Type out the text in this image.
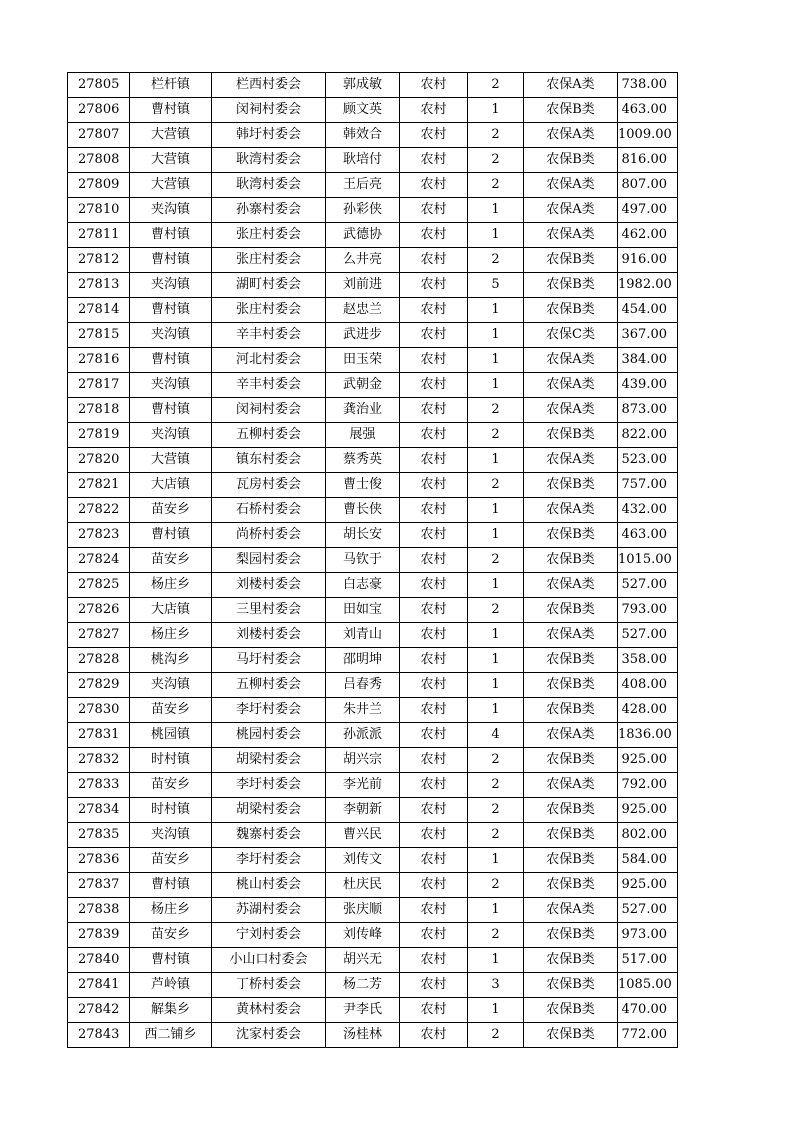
27805	栏杆镇	栏西村委会	郭成敏	农村	2	农保A类	738.00
27806	曹村镇	闵祠村委会	顾文英	农村	1	农保B类	463.00
27807	大营镇	韩圩村委会	韩效合	农村	2	农保A类	1009.00
27808	大营镇	耿湾村委会	耿培付	农村	2	农保B类	816.00
27809	大营镇	耿湾村委会	王后亮	农村	2	农保A类	807.00
27810	夹沟镇	孙寨村委会	孙彩侠	农村	1	农保A类	497.00
27811	曹村镇	张庄村委会	武德协	农村	1	农保A类	462.00
27812	曹村镇	张庄村委会	么井亮	农村	2	农保B类	916.00
27813	夹沟镇	湖町村委会	刘前进	农村	5	农保B类	1982.00
27814	曹村镇	张庄村委会	赵忠兰	农村	1	农保B类	454.00
27815	夹沟镇	辛丰村委会	武进步	农村	1	农保C类	367.00
27816	曹村镇	河北村委会	田玉荣	农村	1	农保A类	384.00
27817	夹沟镇	辛丰村委会	武朝金	农村	1	农保A类	439.00
27818	曹村镇	闵祠村委会	龚治业	农村	2	农保A类	873.00
27819	夹沟镇	五柳村委会	展强	农村	2	农保B类	822.00
27820	大营镇	镇东村委会	蔡秀英	农村	1	农保A类	523.00
27821	大店镇	瓦房村委会	曹士俊	农村	2	农保B类	757.00
27822	苗安乡	石桥村委会	曹长侠	农村	1	农保A类	432.00
27823	曹村镇	尚桥村委会	胡长安	农村	1	农保B类	463.00
27824	苗安乡	梨园村委会	马钦于	农村	2	农保B类	1015.00
27825	杨庄乡	刘楼村委会	白志豪	农村	1	农保A类	527.00
27826	大店镇	三里村委会	田如宝	农村	2	农保B类	793.00
27827	杨庄乡	刘楼村委会	刘青山	农村	1	农保A类	527.00
27828	桃沟乡	马圩村委会	邵明坤	农村	1	农保B类	358.00
27829	夹沟镇	五柳村委会	吕春秀	农村	1	农保B类	408.00
27830	苗安乡	李圩村委会	朱井兰	农村	1	农保B类	428.00
27831	桃园镇	桃园村委会	孙派派	农村	4	农保A类	1836.00
27832	时村镇	胡梁村委会	胡兴宗	农村	2	农保B类	925.00
27833	苗安乡	李圩村委会	李光前	农村	2	农保A类	792.00
27834	时村镇	胡梁村委会	李朝新	农村	2	农保B类	925.00
27835	夹沟镇	魏寨村委会	曹兴民	农村	2	农保B类	802.00
27836	苗安乡	李圩村委会	刘传文	农村	1	农保B类	584.00
27837	曹村镇	桃山村委会	杜庆民	农村	2	农保B类	925.00
27838	杨庄乡	苏湖村委会	张庆顺	农村	1	农保A类	527.00
27839	苗安乡	宁刘村委会	刘传峰	农村	2	农保B类	973.00
27840	曹村镇	小山口村委会	胡兴无	农村	1	农保B类	517.00
27841	芦岭镇	丁桥村委会	杨二芳	农村	3	农保B类	1085.00
27842	解集乡	黄林村委会	尹李氏	农村	1	农保B类	470.00
27843	西二铺乡	沈家村委会	汤桂林	农村	2	农保B类	772.00
